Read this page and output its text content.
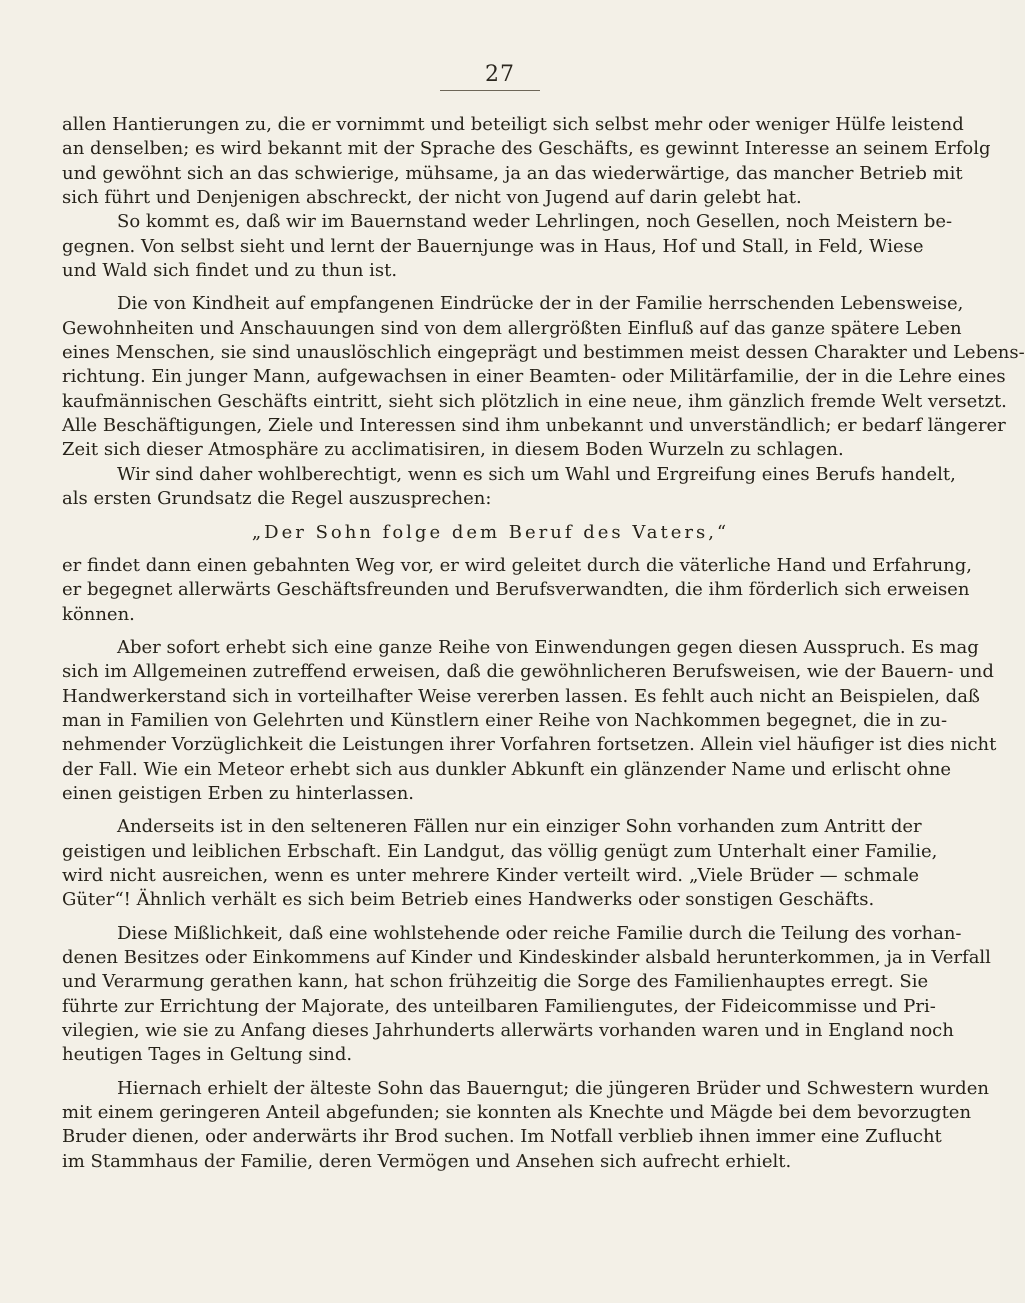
27
allen Hantierungen zu, die er vornimmt und beteiligt sich selbst mehr oder weniger Hülfe leistend
an denselben; es wird bekannt mit der Sprache des Geschäfts, es gewinnt Interesse an seinem Erfolg
und gewöhnt sich an das schwierige, mühsame, ja an das wiederwärtige, das mancher Betrieb mit
sich führt und Denjenigen abschreckt, der nicht von Jugend auf darin gelebt hat.
So kommt es, daß wir im Bauernstand weder Lehrlingen, noch Gesellen, noch Meistern be-
gegnen. Von selbst sieht und lernt der Bauernjunge was in Haus, Hof und Stall, in Feld, Wiese
und Wald sich findet und zu thun ist.
Die von Kindheit auf empfangenen Eindrücke der in der Familie herrschenden Lebensweise,
Gewohnheiten und Anschauungen sind von dem allergrößten Einfluß auf das ganze spätere Leben
eines Menschen, sie sind unauslöschlich eingeprägt und bestimmen meist dessen Charakter und Lebens-
richtung. Ein junger Mann, aufgewachsen in einer Beamten- oder Militärfamilie, der in die Lehre eines
kaufmännischen Geschäfts eintritt, sieht sich plötzlich in eine neue, ihm gänzlich fremde Welt versetzt.
Alle Beschäftigungen, Ziele und Interessen sind ihm unbekannt und unverständlich; er bedarf längerer
Zeit sich dieser Atmosphäre zu acclimatisiren, in diesem Boden Wurzeln zu schlagen.
Wir sind daher wohlberechtigt, wenn es sich um Wahl und Ergreifung eines Berufs handelt,
als ersten Grundsatz die Regel auszusprechen:
„Der Sohn folge dem Beruf des Vaters,“
er findet dann einen gebahnten Weg vor, er wird geleitet durch die väterliche Hand und Erfahrung,
er begegnet allerwärts Geschäftsfreunden und Berufsverwandten, die ihm förderlich sich erweisen
können.
Aber sofort erhebt sich eine ganze Reihe von Einwendungen gegen diesen Ausspruch. Es mag
sich im Allgemeinen zutreffend erweisen, daß die gewöhnlicheren Berufsweisen, wie der Bauern- und
Handwerkerstand sich in vorteilhafter Weise vererben lassen. Es fehlt auch nicht an Beispielen, daß
man in Familien von Gelehrten und Künstlern einer Reihe von Nachkommen begegnet, die in zu-
nehmender Vorzüglichkeit die Leistungen ihrer Vorfahren fortsetzen. Allein viel häufiger ist dies nicht
der Fall. Wie ein Meteor erhebt sich aus dunkler Abkunft ein glänzender Name und erlischt ohne
einen geistigen Erben zu hinterlassen.
Anderseits ist in den selteneren Fällen nur ein einziger Sohn vorhanden zum Antritt der
geistigen und leiblichen Erbschaft. Ein Landgut, das völlig genügt zum Unterhalt einer Familie,
wird nicht ausreichen, wenn es unter mehrere Kinder verteilt wird. „Viele Brüder — schmale
Güter“! Ähnlich verhält es sich beim Betrieb eines Handwerks oder sonstigen Geschäfts.
Diese Mißlichkeit, daß eine wohlstehende oder reiche Familie durch die Teilung des vorhan-
denen Besitzes oder Einkommens auf Kinder und Kindeskinder alsbald herunterkommen, ja in Verfall
und Verarmung gerathen kann, hat schon frühzeitig die Sorge des Familienhauptes erregt. Sie
führte zur Errichtung der Majorate, des unteilbaren Familiengutes, der Fideicommisse und Pri-
vilegien, wie sie zu Anfang dieses Jahrhunderts allerwärts vorhanden waren und in England noch
heutigen Tages in Geltung sind.
Hiernach erhielt der älteste Sohn das Bauerngut; die jüngeren Brüder und Schwestern wurden
mit einem geringeren Anteil abgefunden; sie konnten als Knechte und Mägde bei dem bevorzugten
Bruder dienen, oder anderwärts ihr Brod suchen. Im Notfall verblieb ihnen immer eine Zuflucht
im Stammhaus der Familie, deren Vermögen und Ansehen sich aufrecht erhielt.
